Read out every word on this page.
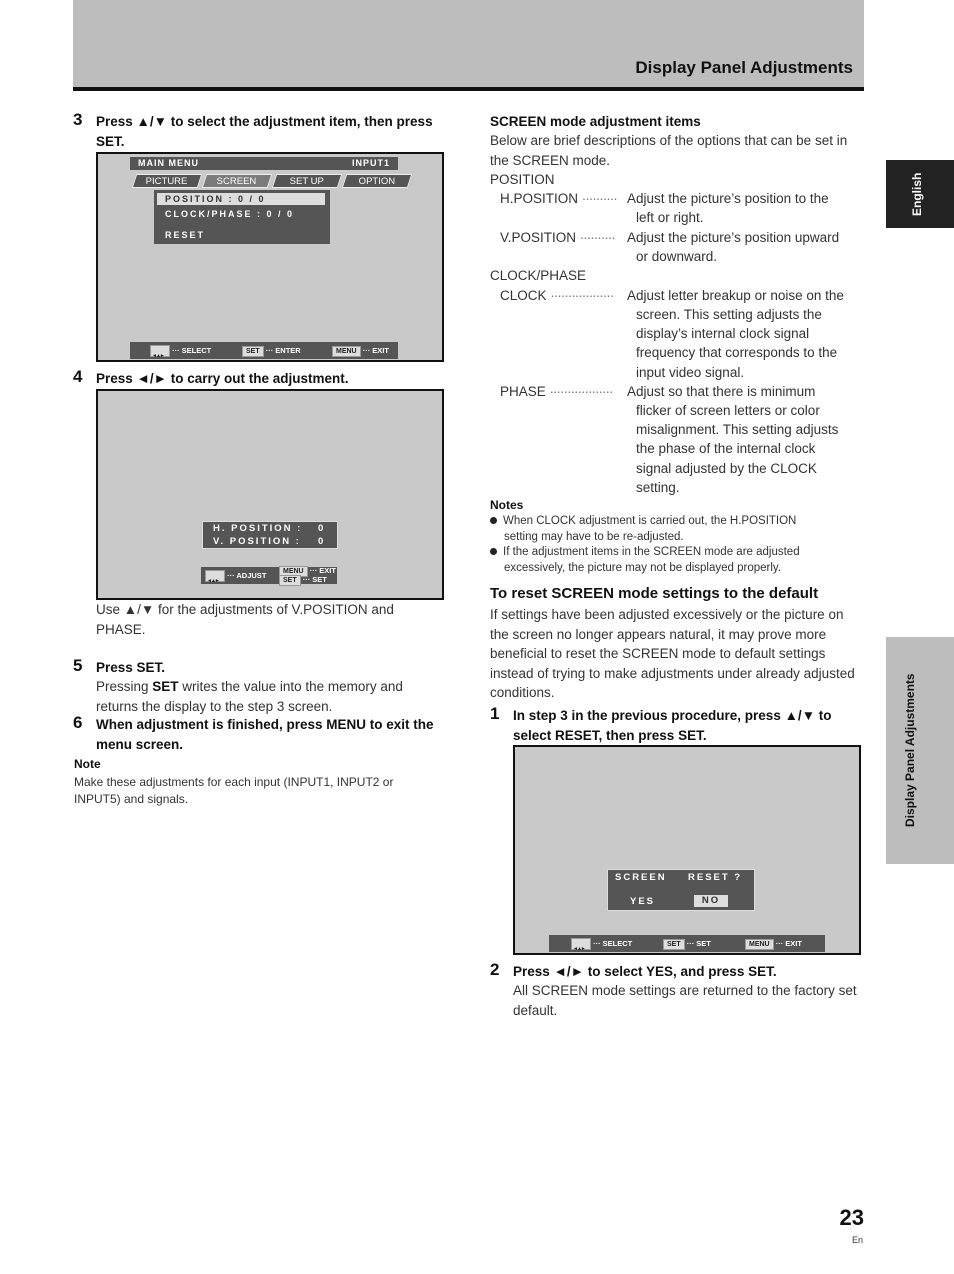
Display Panel Adjustments
English
Display Panel Adjustments
3 Press ▲/▼ to select the adjustment item, then press SET.
MAIN MENU	INPUT1
PICTURE	SCREEN	SET UP	OPTION
POSITION : 0 / 0
CLOCK/PHASE : 0 / 0
RESET
◄▲► ··· SELECT	SET ··· ENTER	MENU ··· EXIT
4 Press ◄/► to carry out the adjustment.
H. POSITION : 0
V. POSITION : 0
◄▲► ··· ADJUST	MENU ··· EXIT
SET ··· SET
Use ▲/▼ for the adjustments of V.POSITION and PHASE.
5 Press SET.
Pressing SET writes the value into the memory and returns the display to the step 3 screen.
6 When adjustment is finished, press MENU to exit the menu screen.
Note
Make these adjustments for each input (INPUT1, INPUT2 or INPUT5) and signals.
SCREEN mode adjustment items
Below are brief descriptions of the options that can be set in the SCREEN mode.
POSITION
H.POSITION ·········· Adjust the picture’s position to the
left or right.
V.POSITION ·········· Adjust the picture’s position upward
or downward.
CLOCK/PHASE
CLOCK ·················· Adjust letter breakup or noise on the
screen. This setting adjusts the
display’s internal clock signal
frequency that corresponds to the
input video signal.
PHASE ·················· Adjust so that there is minimum
flicker of screen letters or color
misalignment. This setting adjusts
the phase of the internal clock
signal adjusted by the CLOCK
setting.
Notes
When CLOCK adjustment is carried out, the H.POSITION
setting may have to be re-adjusted.
If the adjustment items in the SCREEN mode are adjusted
excessively, the picture may not be displayed properly.
To reset SCREEN mode settings to the default
If settings have been adjusted excessively or the picture on the screen no longer appears natural, it may prove more beneficial to reset the SCREEN mode to default settings instead of trying to make adjustments under already adjusted conditions.
1 In step 3 in the previous procedure, press ▲/▼ to select RESET, then press SET.
SCREEN RESET ?
YES	NO
◄▲► ··· SELECT	SET ··· SET	MENU ··· EXIT
2 Press ◄/► to select YES, and press SET.
All SCREEN mode settings are returned to the factory set default.
23
En
